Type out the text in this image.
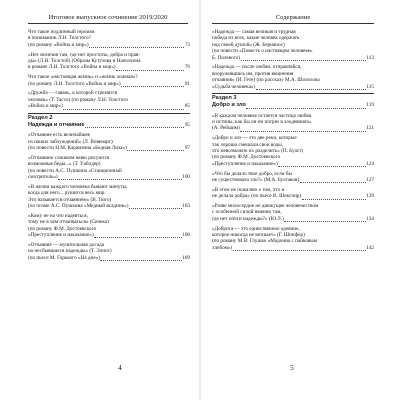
Итоговое выпускное сочинение 2019/2020
Что такое подлинный героизм
в понимании Л.Н. Толстого?
(по роману «Война и мир»)	73
«Нет величия там, где нет простоты, добра и прав-
ды» (Л.Н. Толстой) (Образы Кутузова и Наполеона
в романе Л.Н. Толстого «Война и мир»)	76
Что такое «настоящая жизнь» и «жизнь ложная»?
(по роману Л.Н. Толстого «Война и мир»)	81
«Дружба — гавань, к которой стремятся
человек» (Т. Tacco) (по роману Л.Н. Толстого
«Война и мир»)	85
Раздел 2
Надежда и отчаяние	95
«Отчаяние есть величайшее
из наших заблуждений» (Л. Вовенарг)
(по повести Н.М. Карамзина «Бедная Лиза»)	97
«Отчаянию слишком живо рисуются
возможные беды...» (Т. Уайлдер)
(по повести А.С. Пушкина «Станционный
смотритель»)	100
«В жизни каждого человека бывают минуты,
когда для него... рушится весь мир.
Это называется отчаянием» (В. Гюго)
(по поэме А.С. Пушкина «Медный всадник»)	103
«Кому не на что надеяться,
тому не в чем отчаиваться» (Сенека)
(по роману Ф.М. Достоевского
«Преступление и наказание»)	106
«Отчаяние — мучительная досада
на несбывшиеся надежды» (Т. Элиот)
(по пьесе М. Горького «На дне»)	109
4
Содержание
«Надежда — самая великая и трудная
победа из всех, какие человек одержать
над своей душой» (Ж. Бернанос)
(по повести «Повесть о настоящем человеке»
Б. Полевого)	113
«Надежда — после любви, отправляйся,
вооружившись им, против вещнения
отчаяния» (И. Гете) (по рассказу М.А. Шолохова
«Судьба человека»)	115
Раздел 3
Добро и зло	119
«В каждом человеке остается частица любви
и истины, как бы он ни погряз в злодеяниях»
(А. Рейшим)	121
«Добро и зло — это две реки, которые
так хорошо смешали свои воды,
что невозможно их разделить» (П. Буаст)
(по роману Ф.М. Достоевского
«Преступление и наказание»)	124
«Что бы делало твое добро, если бы
не существовало зло?» (М.А. Булгаков)	127
«В этом не пожалею о том, что я
не делала добра» (по пьесе В. Шекспир)	129
«Разве милосердие не движущее человечеством
с особенной силой именно там,
где нет почти надежды?» (Ю.Л.)	134
«Доброта — это единственное одеяние,
которое никогда не ветшает» (Г. Шпифор)
(по роману М.В. Глушко «Мадонна с пайковым
хлебом»)	142
5
